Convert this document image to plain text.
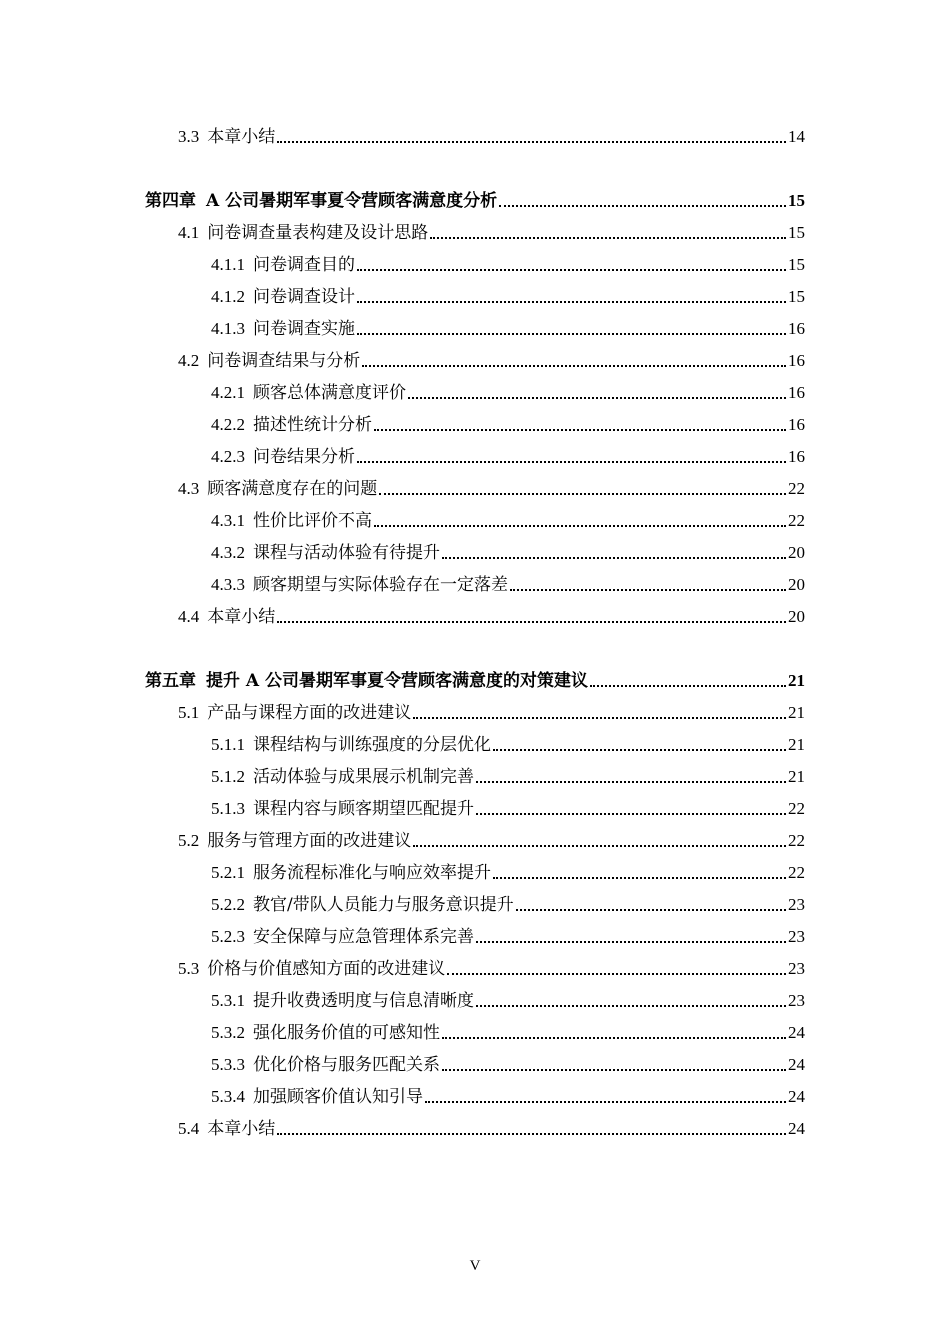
3.3 本章小结	14
第四章 A 公司暑期军事夏令营顾客满意度分析	15
4.1 问卷调查量表构建及设计思路	15
4.1.1 问卷调查目的	15
4.1.2 问卷调查设计	15
4.1.3 问卷调查实施	16
4.2 问卷调查结果与分析	16
4.2.1 顾客总体满意度评价	16
4.2.2 描述性统计分析	16
4.2.3 问卷结果分析	16
4.3 顾客满意度存在的问题	22
4.3.1 性价比评价不高	22
4.3.2 课程与活动体验有待提升	20
4.3.3 顾客期望与实际体验存在一定落差	20
4.4 本章小结	20
第五章 提升 A 公司暑期军事夏令营顾客满意度的对策建议	21
5.1 产品与课程方面的改进建议	21
5.1.1 课程结构与训练强度的分层优化	21
5.1.2 活动体验与成果展示机制完善	21
5.1.3 课程内容与顾客期望匹配提升	22
5.2 服务与管理方面的改进建议	22
5.2.1 服务流程标准化与响应效率提升	22
5.2.2 教官/带队人员能力与服务意识提升	23
5.2.3 安全保障与应急管理体系完善	23
5.3 价格与价值感知方面的改进建议	23
5.3.1 提升收费透明度与信息清晰度	23
5.3.2 强化服务价值的可感知性	24
5.3.3 优化价格与服务匹配关系	24
5.3.4 加强顾客价值认知引导	24
5.4 本章小结	24
V
